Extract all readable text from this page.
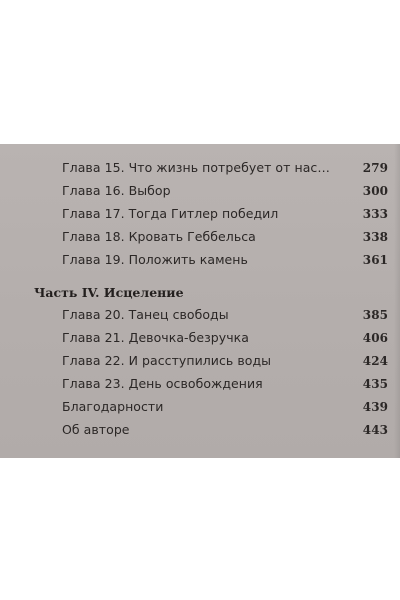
Глава 15. Что жизнь потребует от нас…	279
Глава 16. Выбор	300
Глава 17. Тогда Гитлер победил	333
Глава 18. Кровать Геббельса	338
Глава 19. Положить камень	361
Часть IV. Исцеление
Глава 20. Танец свободы	385
Глава 21. Девочка-безручка	406
Глава 22. И расступились воды	424
Глава 23. День освобождения	435
Благодарности	439
Об авторе	443
